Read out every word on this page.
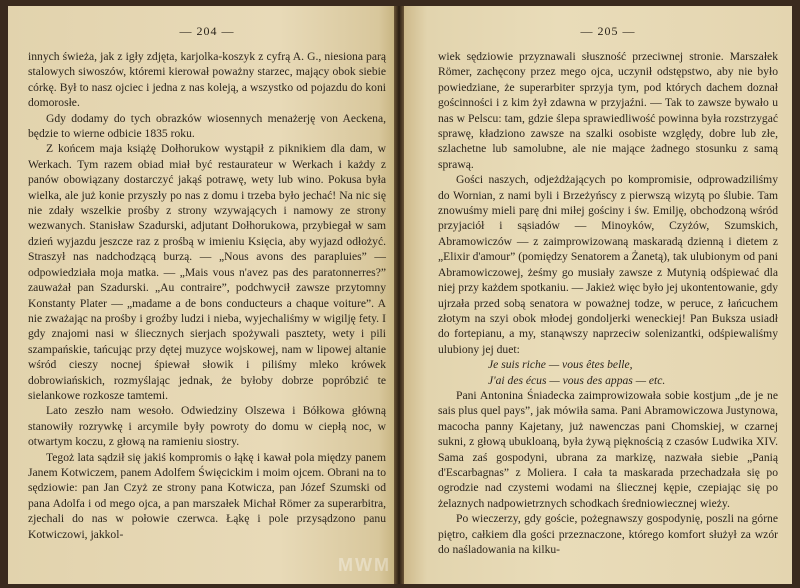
— 204 —

innych świeża, jak z igły zdjęta, karjolka-koszyk z cyfrą A. G., niesiona parą stalowych siwoszów, któremi kierował poważny starzec, mający obok siebie córkę. Był to nasz ojciec i jedna z nas koleją, a wszystko od pojazdu do koni domorosłe.

Gdy dodamy do tych obrazków wiosennych menażerję von Aeckena, będzie to wierne odbicie 1835 roku.

Z końcem maja książę Dołhorukow wystąpił z piknikiem dla dam, w Werkach. Tym razem obiad miał być restaurateur w Werkach i każdy z panów obowiązany dostarczyć jakąś potrawę, wety lub wino. Pokusa była wielka, ale już konie przyszły po nas z domu i trzeba było jechać! Na nic się nie zdały wszelkie prośby z strony wzywających i namowy ze strony wezwanych. Stanisław Szadurski, adjutant Dołhorukowa, przybiegał w sam dzień wyjazdu jeszcze raz z prośbą w imieniu Księcia, aby wyjazd odłożyć. Straszył nas nadchodzącą burzą. — „Nous avons des parapluies” — odpowiedziała moja matka. — „Mais vous n'avez pas des paratonnerres?” zauważał pan Szadurski. „Au contraire”, podchwycił zawsze przytomny Konstanty Plater — „madame a de bons conducteurs a chaque voiture”. A nie zważając na prośby i groźby ludzi i nieba, wyjechaliśmy w wigilję fety. I gdy znajomi nasi w śliecznych sierjach spożywali pasztety, wety i pili szampańskie, tańcując przy dętej muzyce wojskowej, nam w lipowej altanie wśród cieszy nocnej śpiewał słowik i piliśmy mleko krówek dobrowiańskich, rozmyślając jednak, że byłoby dobrze popróbzić te sielankowe rozkosze tamtemi.

Lato zeszło nam wesoło. Odwiedziny Olszewa i Bółkowa główną stanowiły rozrywkę i arcymile były powroty do domu w ciepłą noc, w otwartym koczu, z głową na ramieniu siostry.

Tegoż lata sądził się jakiś kompromis o łąkę i kawał pola między panem Janem Kotwiczem, panem Adolfem Święcickim i moim ojcem. Obrani na to sędziowie: pan Jan Czyż ze strony pana Kotwicza, pan Józef Szumski od pana Adolfa i od mego ojca, a pan marszałek Michał Römer za superarbitra, zjechali do nas w połowie czerwca. Łąkę i pole przysądzono panu Kotwiczowi, jakkol-

— 205 —

wiek sędziowie przyznawali słuszność przeciwnej stronie. Marszałek Römer, zachęcony przez mego ojca, uczynił odstępstwo, aby nie było powiedziane, że superarbiter sprzyja tym, pod których dachem doznał gościnności i z kim żył zdawna w przyjaźni. — Tak to zawsze bywało u nas w Pelscu: tam, gdzie ślepa sprawiedliwość powinna była rozstrzygać sprawę, kładziono zawsze na szalki osobiste względy, dobre lub złe, szlachetne lub samolubne, ale nie mające żadnego stosunku z samą sprawą.

Gości naszych, odjeżdżających po kompromisie, odprowadziliśmy do Wornian, z nami byli i Brzeżyńscy z pierwszą wizytą po ślubie. Tam znowuśmy mieli parę dni miłej gościny i św. Emilję, obchodzoną wśród przyjaciół i sąsiadów — Minoyków, Czyżów, Szumskich, Abramowiczów — z zaimprowizowaną maskaradą dzienną i dietem z „Elixir d'amour” (pomiędzy Senatorem a Żanetą), tak ulubionym od pani Abramowiczowej, żeśmy go musiały zawsze z Mutynią odśpiewać dla niej przy każdem spotkaniu. — Jakież więc było jej ukontentowanie, gdy ujrzała przed sobą senatora w poważnej todze, w peruce, z łańcuchem złotym na szyi obok młodej gondoljerki weneckiej! Pan Buksza usiadł do fortepianu, a my, stanąwszy naprzeciw solenizantki, odśpiewaliśmy ulubiony jej duet:

Je suis riche — vous êtes belle,

J'ai des écus — vous des appas — etc.

Pani Antonina Śniadecka zaimprowizowała sobie kostjum „de je ne sais plus quel pays”, jak mówiła sama. Pani Abramowiczowa Justynowa, macocha panny Kajetany, już nawenczas pani Chomskiej, w czarnej sukni, z głową ubukloaną, była żywą pięknością z czasów Ludwika XIV. Sama zaś gospodyni, ubrana za markizę, nazwała siebie „Panią d'Escarbagnas” z Moliera. I cała ta maskarada przechadzała się po ogrodzie nad czystemi wodami na śliecznej kępie, czepiając się po żelaznych nadpowietrznych schodkach średniowiecznej wieży.

Po wieczerzy, gdy goście, pożegnawszy gospodynię, poszli na górne piętro, całkiem dla gości przeznaczone, którego komfort służył za wzór do naśladowania na kilku-

MWM
